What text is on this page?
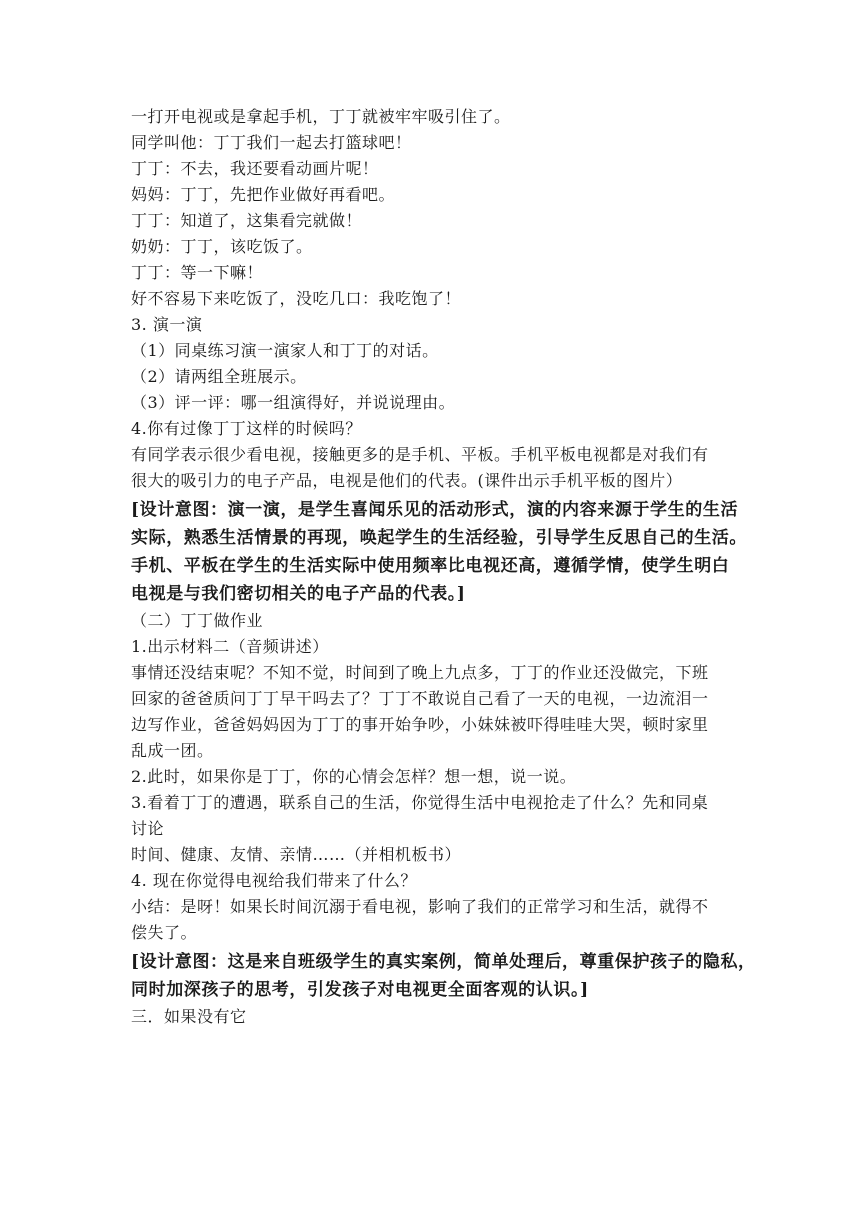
一打开电视或是拿起手机，丁丁就被牢牢吸引住了。
同学叫他：丁丁我们一起去打篮球吧！
丁丁：不去，我还要看动画片呢！
妈妈：丁丁，先把作业做好再看吧。
丁丁：知道了，这集看完就做！
奶奶：丁丁，该吃饭了。
丁丁：等一下嘛！
好不容易下来吃饭了，没吃几口：我吃饱了！
3. 演一演
（1）同桌练习演一演家人和丁丁的对话。
（2）请两组全班展示。
（3）评一评：哪一组演得好，并说说理由。
4.你有过像丁丁这样的时候吗？
有同学表示很少看电视，接触更多的是手机、平板。手机平板电视都是对我们有
很大的吸引力的电子产品，电视是他们的代表。(课件出示手机平板的图片）
[设计意图：演一演，是学生喜闻乐见的活动形式，演的内容来源于学生的生活
实际，熟悉生活情景的再现，唤起学生的生活经验，引导学生反思自己的生活。
手机、平板在学生的生活实际中使用频率比电视还高，遵循学情，使学生明白
电视是与我们密切相关的电子产品的代表。]
（二）丁丁做作业
1.出示材料二（音频讲述）
事情还没结束呢？不知不觉，时间到了晚上九点多，丁丁的作业还没做完，下班
回家的爸爸质问丁丁早干吗去了？丁丁不敢说自己看了一天的电视，一边流泪一
边写作业，爸爸妈妈因为丁丁的事开始争吵，小妹妹被吓得哇哇大哭，顿时家里
乱成一团。
2.此时，如果你是丁丁，你的心情会怎样？想一想，说一说。
3.看着丁丁的遭遇，联系自己的生活，你觉得生活中电视抢走了什么？先和同桌
讨论
时间、健康、友情、亲情……（并相机板书）
4. 现在你觉得电视给我们带来了什么？
小结：是呀！如果长时间沉溺于看电视，影响了我们的正常学习和生活，就得不
偿失了。
[设计意图：这是来自班级学生的真实案例，简单处理后，尊重保护孩子的隐私，
同时加深孩子的思考，引发孩子对电视更全面客观的认识。]
三．如果没有它
